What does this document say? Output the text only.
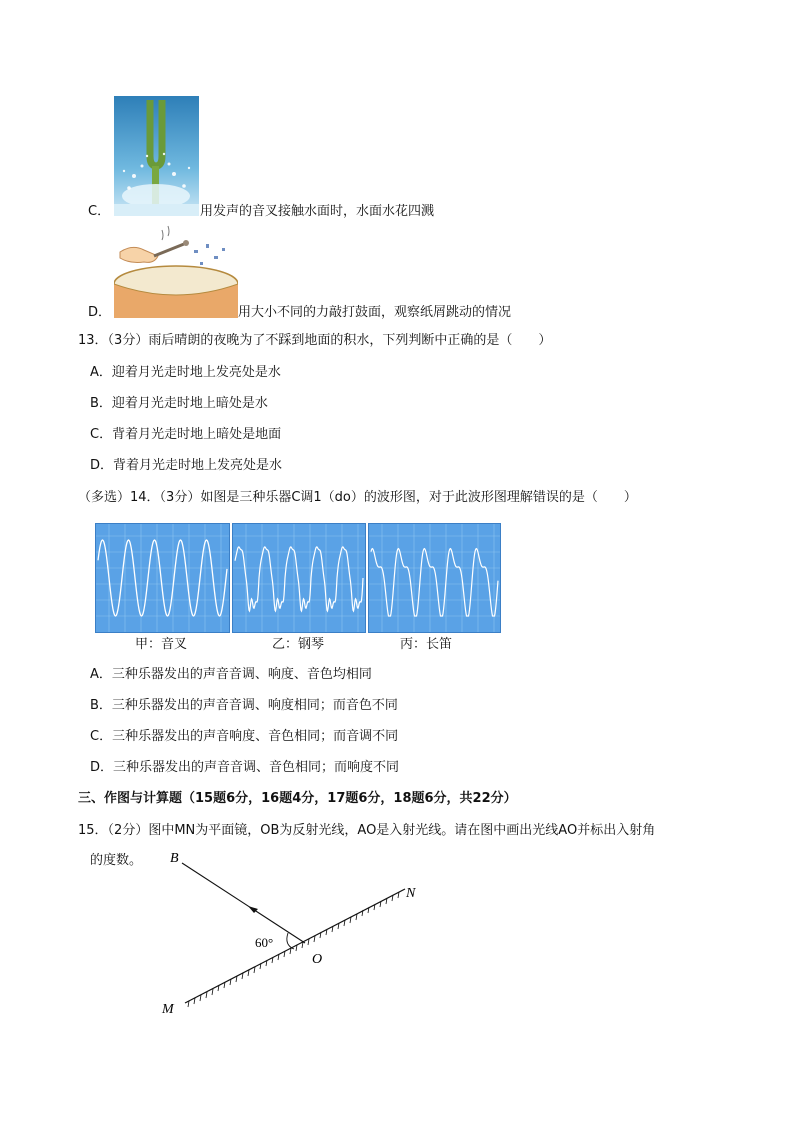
C．	用发声的音叉接触水面时，水面水花四溅
D．	用大小不同的力敲打鼓面，观察纸屑跳动的情况
13．（3分）雨后晴朗的夜晚为了不踩到地面的积水，下列判断中正确的是（　　）
A．迎着月光走时地上发亮处是水
B．迎着月光走时地上暗处是水
C．背着月光走时地上暗处是地面
D．背着月光走时地上发亮处是水
（多选）14．（3分）如图是三种乐器C调1（do）的波形图，对于此波形图理解错误的是（　　）
甲：音叉	乙：钢琴	丙：长笛
A．三种乐器发出的声音音调、响度、音色均相同
B．三种乐器发出的声音音调、响度相同；而音色不同
C．三种乐器发出的声音响度、音色相同；而音调不同
D．三种乐器发出的声音音调、音色相同；而响度不同
三、作图与计算题（15题6分，16题4分，17题6分，18题6分，共22分）
15．（2分）图中MN为平面镜，OB为反射光线，AO是入射光线。请在图中画出光线AO并标出入射角
的度数。 B
N
O
M
60°
